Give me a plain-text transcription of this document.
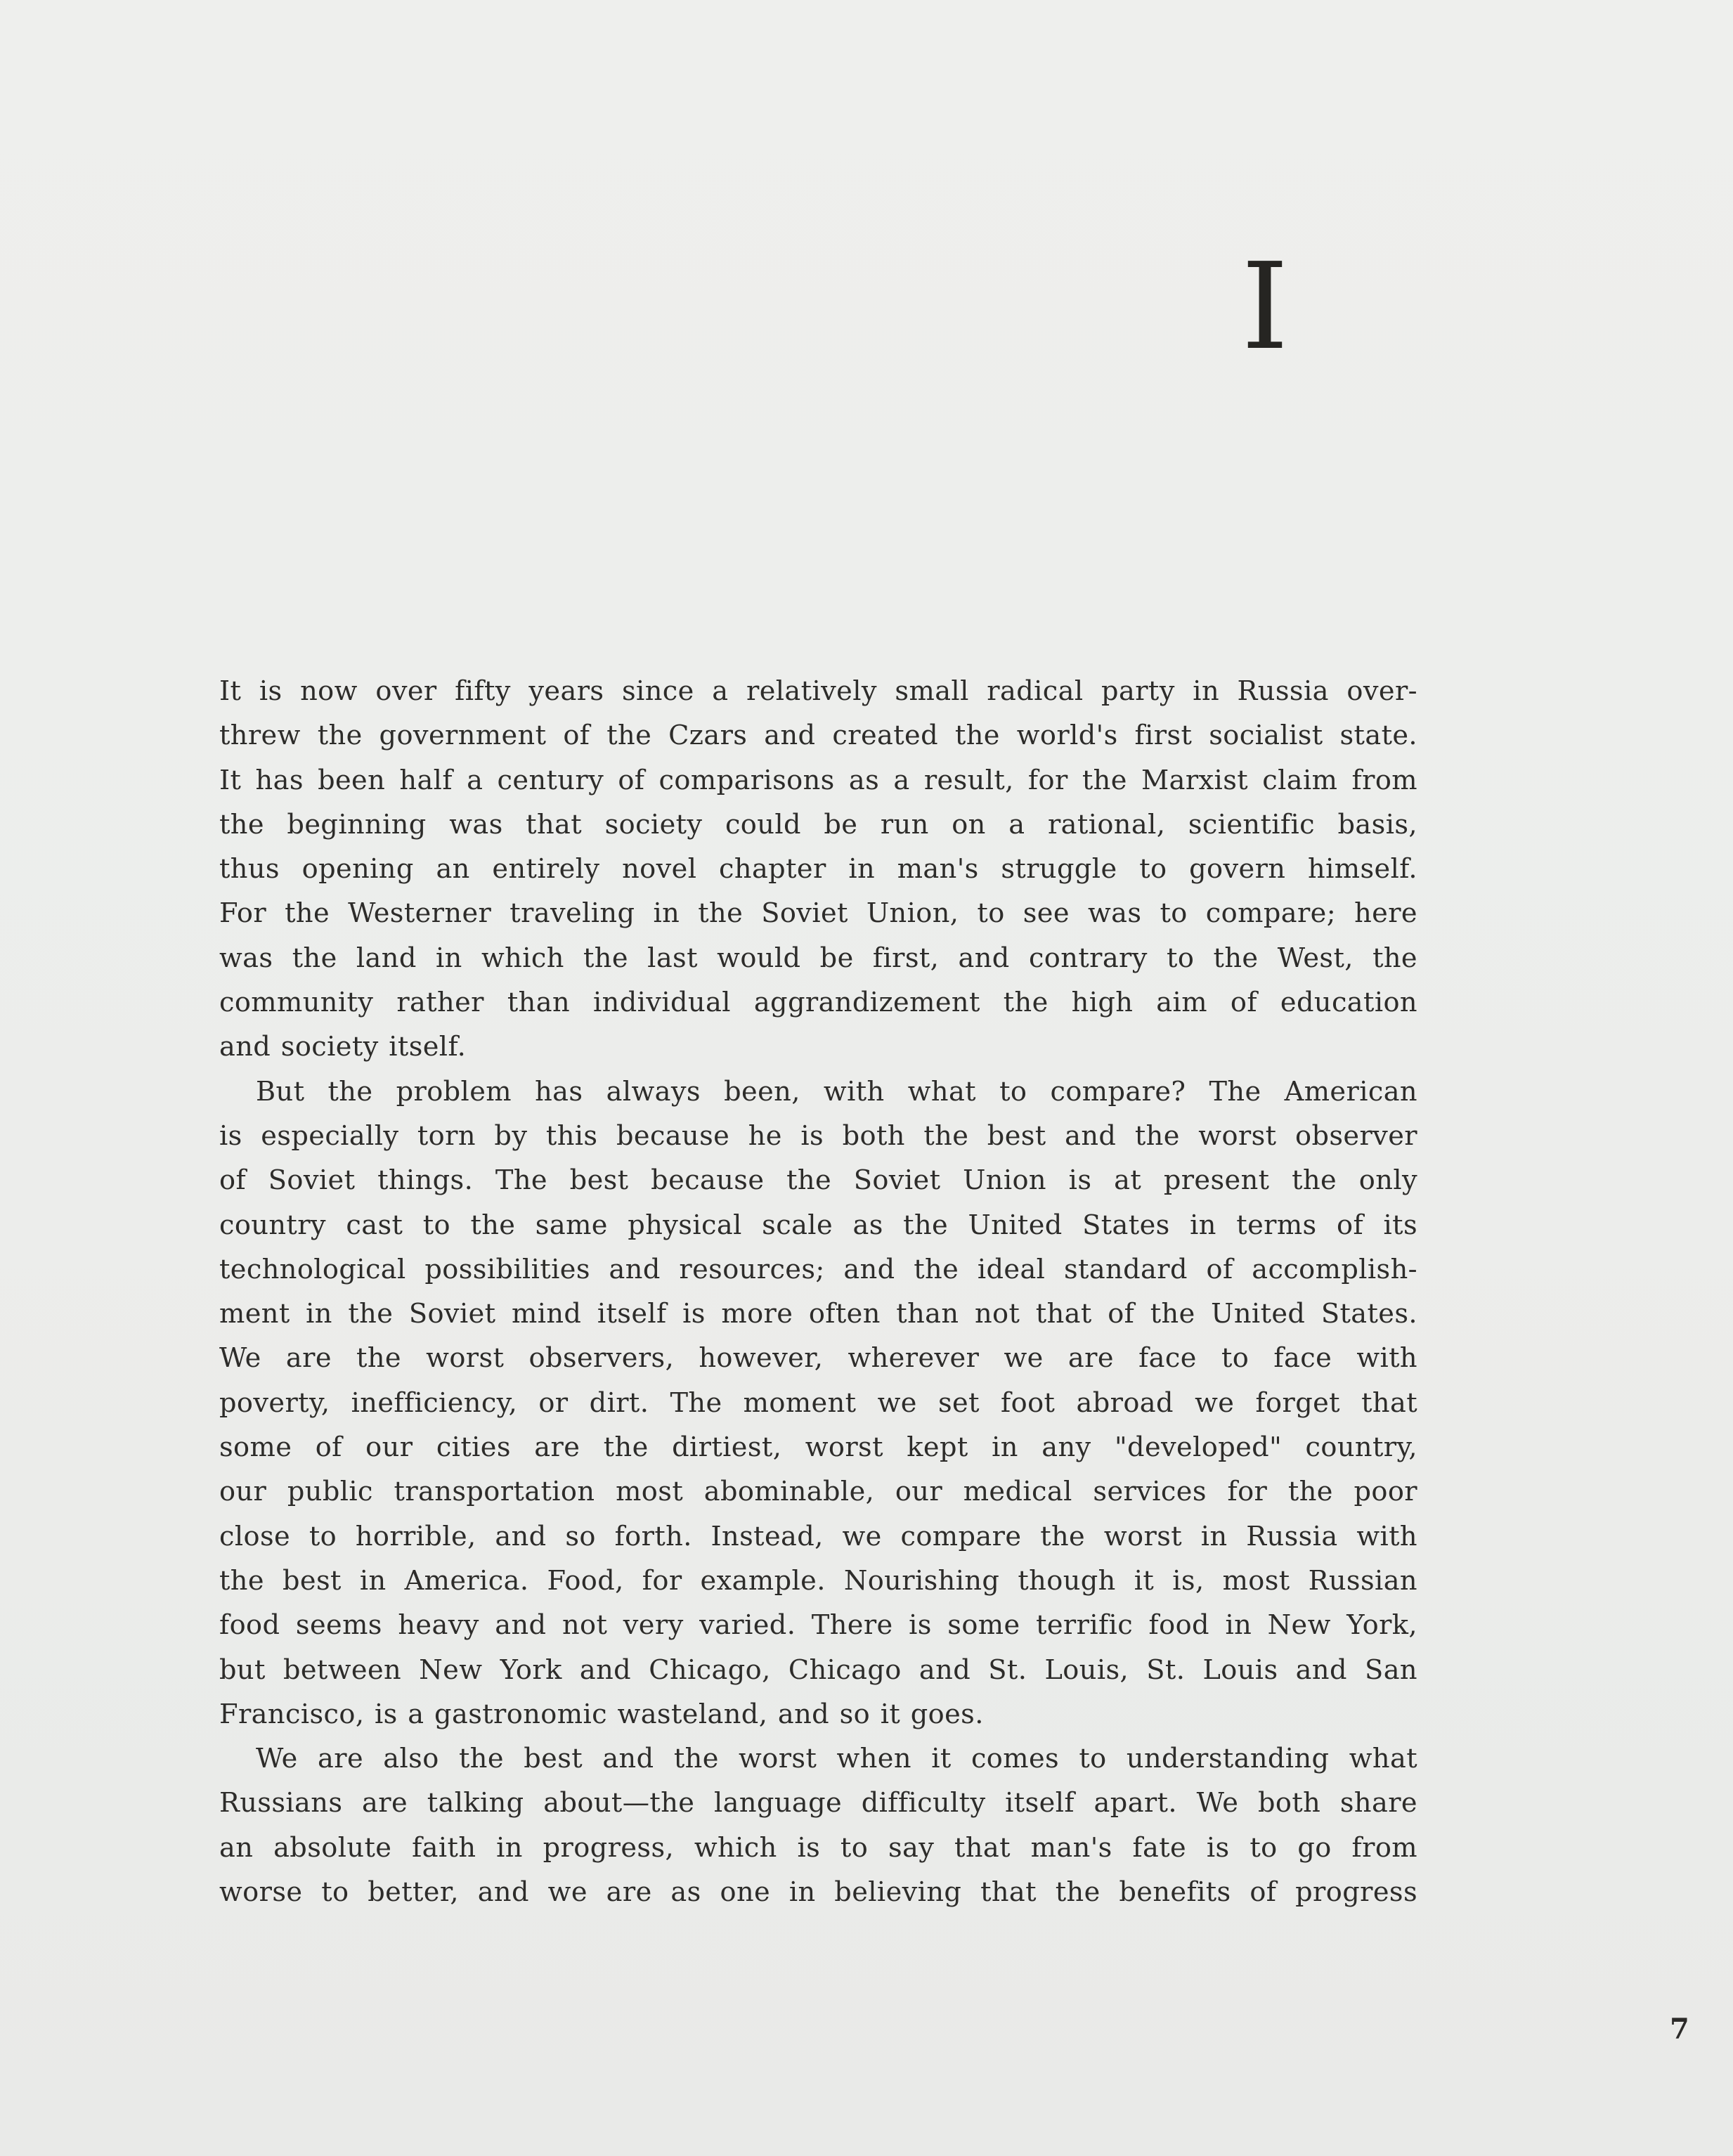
I
It is now over fifty years since a relatively small radical party in Russia over-
threw the government of the Czars and created the world's first socialist state.
It has been half a century of comparisons as a result, for the Marxist claim from
the beginning was that society could be run on a rational, scientific basis,
thus opening an entirely novel chapter in man's struggle to govern himself.
For the Westerner traveling in the Soviet Union, to see was to compare; here
was the land in which the last would be first, and contrary to the West, the
community rather than individual aggrandizement the high aim of education
and society itself.
But the problem has always been, with what to compare? The American
is especially torn by this because he is both the best and the worst observer
of Soviet things. The best because the Soviet Union is at present the only
country cast to the same physical scale as the United States in terms of its
technological possibilities and resources; and the ideal standard of accomplish-
ment in the Soviet mind itself is more often than not that of the United States.
We are the worst observers, however, wherever we are face to face with
poverty, inefficiency, or dirt. The moment we set foot abroad we forget that
some of our cities are the dirtiest, worst kept in any "developed" country,
our public transportation most abominable, our medical services for the poor
close to horrible, and so forth. Instead, we compare the worst in Russia with
the best in America. Food, for example. Nourishing though it is, most Russian
food seems heavy and not very varied. There is some terrific food in New York,
but between New York and Chicago, Chicago and St. Louis, St. Louis and San
Francisco, is a gastronomic wasteland, and so it goes.
We are also the best and the worst when it comes to understanding what
Russians are talking about—the language difficulty itself apart. We both share
an absolute faith in progress, which is to say that man's fate is to go from
worse to better, and we are as one in believing that the benefits of progress
7
